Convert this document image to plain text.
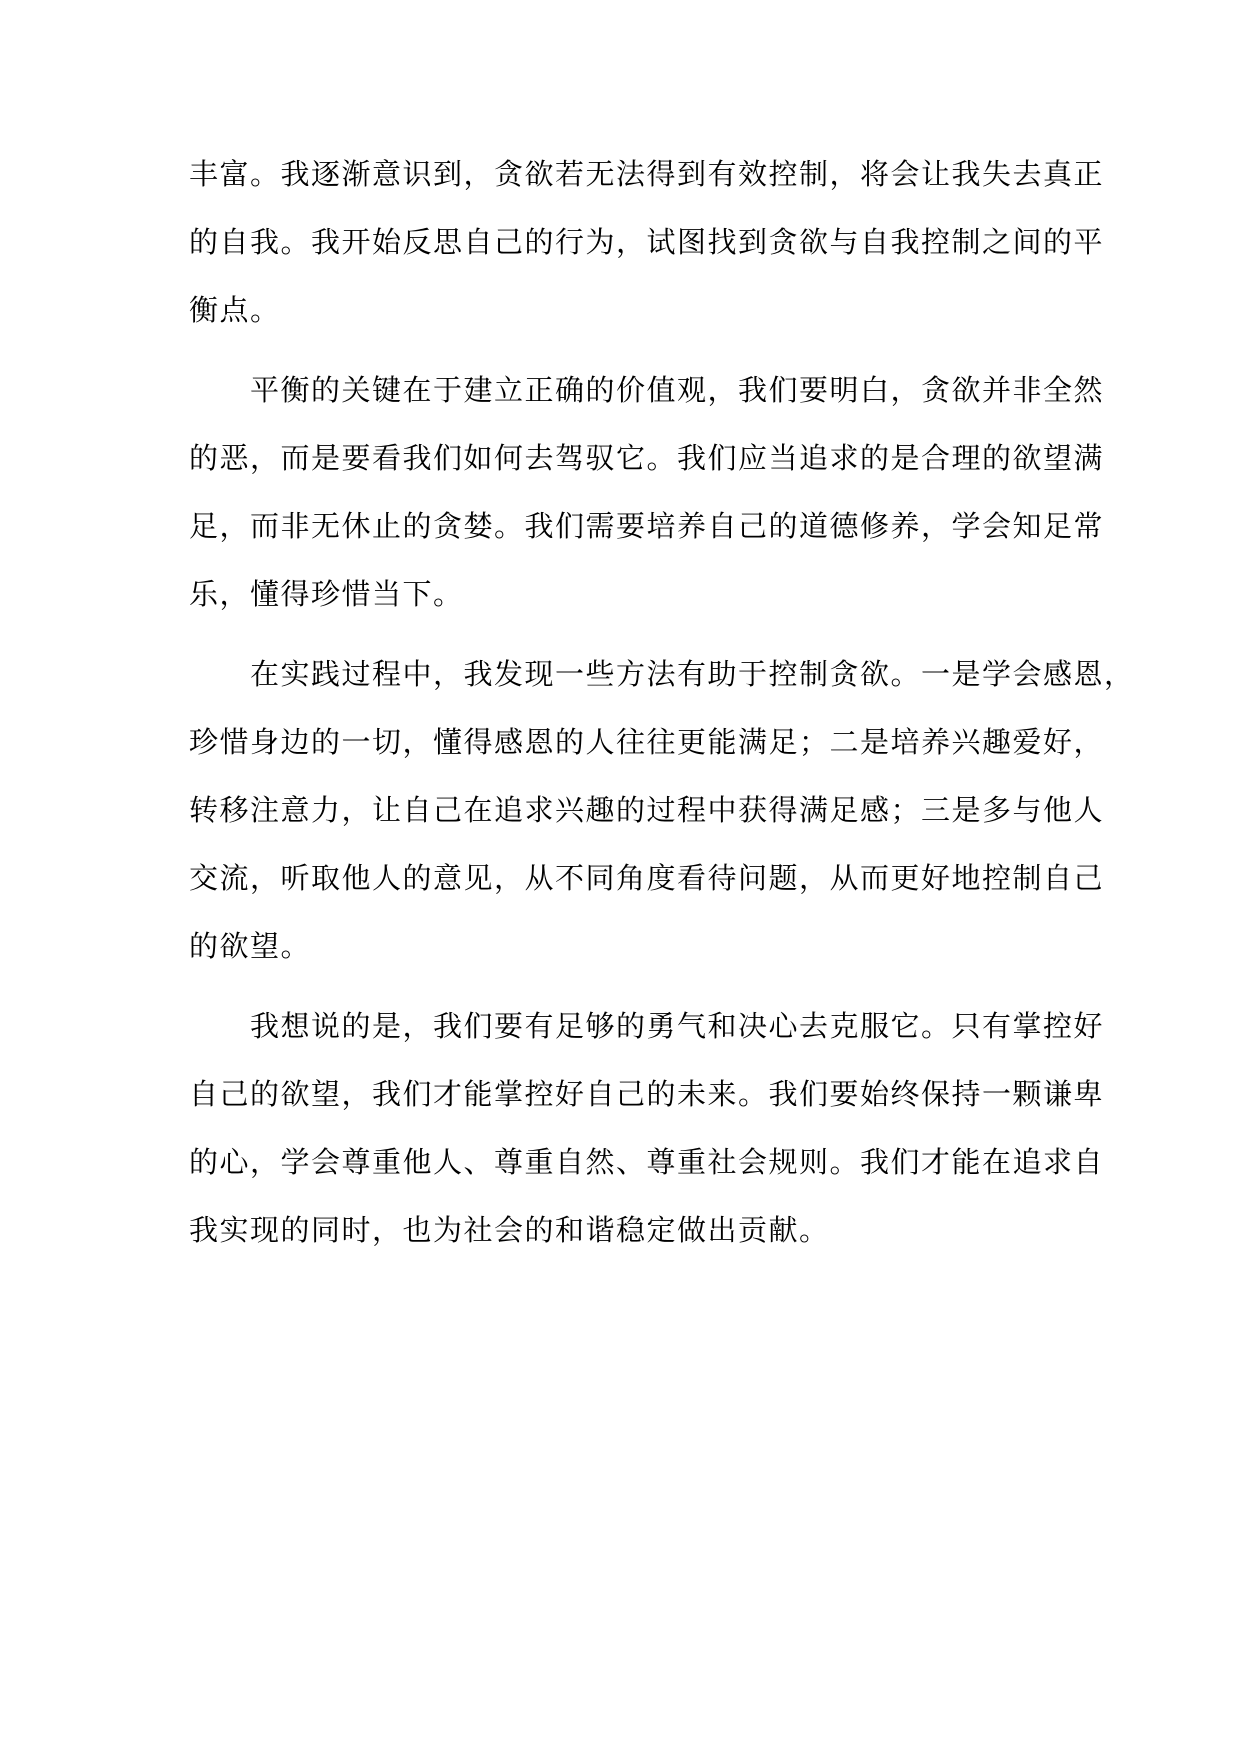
丰富。我逐渐意识到，贪欲若无法得到有效控制，将会让我失去真正
的自我。我开始反思自己的行为，试图找到贪欲与自我控制之间的平
衡点。
　　平衡的关键在于建立正确的价值观，我们要明白，贪欲并非全然
的恶，而是要看我们如何去驾驭它。我们应当追求的是合理的欲望满
足，而非无休止的贪婪。我们需要培养自己的道德修养，学会知足常
乐，懂得珍惜当下。
　　在实践过程中，我发现一些方法有助于控制贪欲。一是学会感恩，
珍惜身边的一切，懂得感恩的人往往更能满足；二是培养兴趣爱好，
转移注意力，让自己在追求兴趣的过程中获得满足感；三是多与他人
交流，听取他人的意见，从不同角度看待问题，从而更好地控制自己
的欲望。
　　我想说的是，我们要有足够的勇气和决心去克服它。只有掌控好
自己的欲望，我们才能掌控好自己的未来。我们要始终保持一颗谦卑
的心，学会尊重他人、尊重自然、尊重社会规则。我们才能在追求自
我实现的同时，也为社会的和谐稳定做出贡献。
